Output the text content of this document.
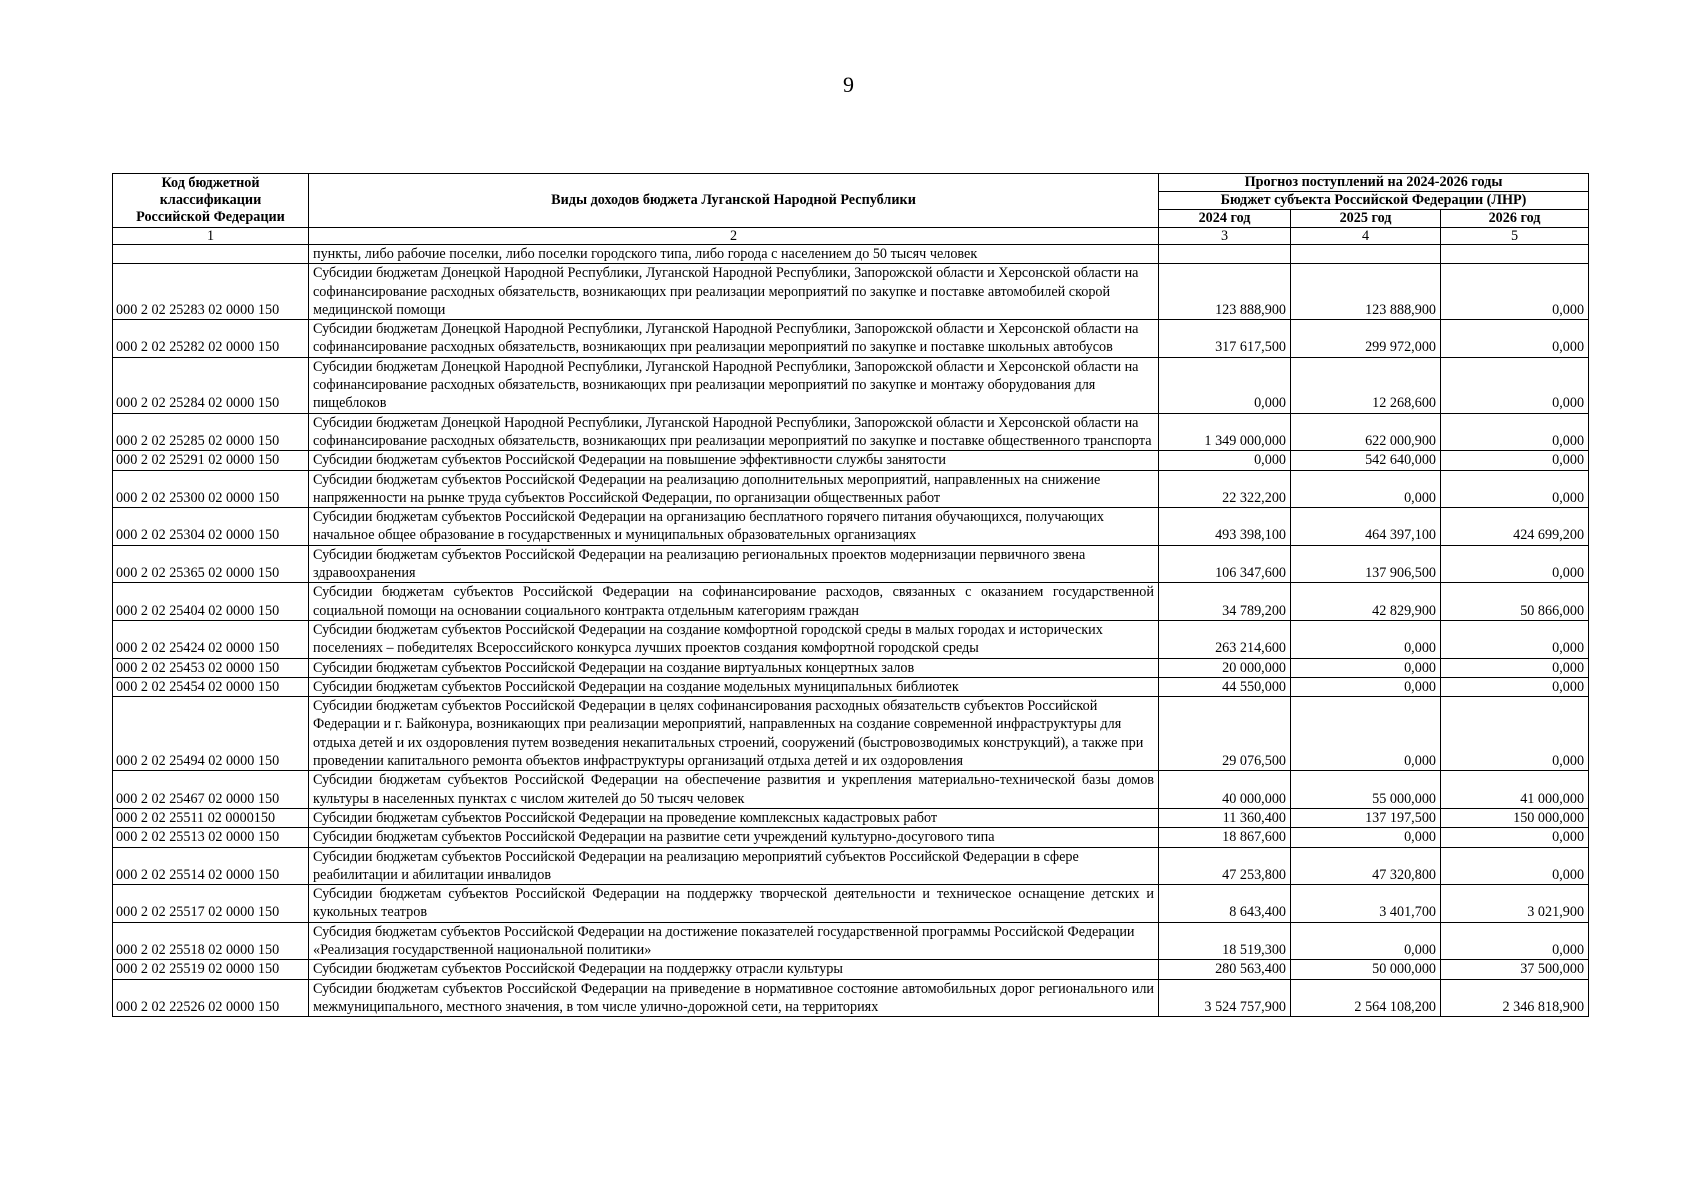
9
Код бюджетной
классификации
Российской Федерации	Виды доходов бюджета Луганской Народной Республики	Прогноз поступлений на 2024-2026 годы		
		Бюджет субъекта Российской Федерации (ЛНР)		
		2024 год	2025 год	2026 год
1	2	3	4	5
	пункты, либо рабочие поселки, либо поселки городского типа, либо города с населением до 50 тысяч человек			
000 2 02 25283 02 0000 150	Субсидии бюджетам Донецкой Народной Республики, Луганской Народной Республики, Запорожской области и Херсонской области на софинансирование расходных обязательств, возникающих при реализации мероприятий по закупке и поставке автомобилей скорой медицинской помощи	123 888,900	123 888,900	0,000
000 2 02 25282 02 0000 150	Субсидии бюджетам Донецкой Народной Республики, Луганской Народной Республики, Запорожской области и Херсонской области на софинансирование расходных обязательств, возникающих при реализации мероприятий по закупке и поставке школьных автобусов	317 617,500	299 972,000	0,000
000 2 02 25284 02 0000 150	Субсидии бюджетам Донецкой Народной Республики, Луганской Народной Республики, Запорожской области и Херсонской области на софинансирование расходных обязательств, возникающих при реализации мероприятий по закупке и монтажу оборудования для пищеблоков	0,000	12 268,600	0,000
000 2 02 25285 02 0000 150	Субсидии бюджетам Донецкой Народной Республики, Луганской Народной Республики, Запорожской области и Херсонской области на софинансирование расходных обязательств, возникающих при реализации мероприятий по закупке и поставке общественного транспорта	1 349 000,000	622 000,900	0,000
000 2 02 25291 02 0000 150	Субсидии бюджетам субъектов Российской Федерации на повышение эффективности службы занятости	0,000	542 640,000	0,000
000 2 02 25300 02 0000 150	Субсидии бюджетам субъектов Российской Федерации на реализацию дополнительных мероприятий, направленных на снижение напряженности на рынке труда субъектов Российской Федерации, по организации общественных работ	22 322,200	0,000	0,000
000 2 02 25304 02 0000 150	Субсидии бюджетам субъектов Российской Федерации на организацию бесплатного горячего питания обучающихся, получающих начальное общее образование в государственных и муниципальных образовательных организациях	493 398,100	464 397,100	424 699,200
000 2 02 25365 02 0000 150	Субсидии бюджетам субъектов Российской Федерации на реализацию региональных проектов модернизации первичного звена здравоохранения	106 347,600	137 906,500	0,000
000 2 02 25404 02 0000 150	Субсидии бюджетам субъектов Российской Федерации на софинансирование расходов, связанных с оказанием государственной социальной помощи на основании социального контракта отдельным категориям граждан	34 789,200	42 829,900	50 866,000
000 2 02 25424 02 0000 150	Субсидии бюджетам субъектов Российской Федерации на создание комфортной городской среды в малых городах и исторических поселениях – победителях Всероссийского конкурса лучших проектов создания комфортной городской среды	263 214,600	0,000	0,000
000 2 02 25453 02 0000 150	Субсидии бюджетам субъектов Российской Федерации на создание виртуальных концертных залов	20 000,000	0,000	0,000
000 2 02 25454 02 0000 150	Субсидии бюджетам субъектов Российской Федерации на создание модельных муниципальных библиотек	44 550,000	0,000	0,000
000 2 02 25494 02 0000 150	Субсидии бюджетам субъектов Российской Федерации в целях софинансирования расходных обязательств субъектов Российской Федерации и г. Байконура, возникающих при реализации мероприятий, направленных на создание современной инфраструктуры для отдыха детей и их оздоровления путем возведения некапитальных строений, сооружений (быстровозводимых конструкций), а также при проведении капитального ремонта объектов инфраструктуры организаций отдыха детей и их оздоровления	29 076,500	0,000	0,000
000 2 02 25467 02 0000 150	Субсидии бюджетам субъектов Российской Федерации на обеспечение развития и укрепления материально-технической базы домов культуры в населенных пунктах с числом жителей до 50 тысяч человек	40 000,000	55 000,000	41 000,000
000 2 02 25511 02 0000150	Субсидии бюджетам субъектов Российской Федерации на проведение комплексных кадастровых работ	11 360,400	137 197,500	150 000,000
000 2 02 25513 02 0000 150	Субсидии бюджетам субъектов Российской Федерации на развитие сети учреждений культурно-досугового типа	18 867,600	0,000	0,000
000 2 02 25514 02 0000 150	Субсидии бюджетам субъектов Российской Федерации на реализацию мероприятий субъектов Российской Федерации в сфере реабилитации и абилитации инвалидов	47 253,800	47 320,800	0,000
000 2 02 25517 02 0000 150	Субсидии бюджетам субъектов Российской Федерации на поддержку творческой деятельности и техническое оснащение детских и кукольных театров	8 643,400	3 401,700	3 021,900
000 2 02 25518 02 0000 150	Субсидия бюджетам субъектов Российской Федерации на достижение показателей государственной программы Российской Федерации «Реализация государственной национальной политики»	18 519,300	0,000	0,000
000 2 02 25519 02 0000 150	Субсидии бюджетам субъектов Российской Федерации на поддержку отрасли культуры	280 563,400	50 000,000	37 500,000
000 2 02 22526 02 0000 150	Субсидии бюджетам субъектов Российской Федерации на приведение в нормативное состояние автомобильных дорог регионального или межмуниципального, местного значения, в том числе улично-дорожной сети, на территориях	3 524 757,900	2 564 108,200	2 346 818,900
